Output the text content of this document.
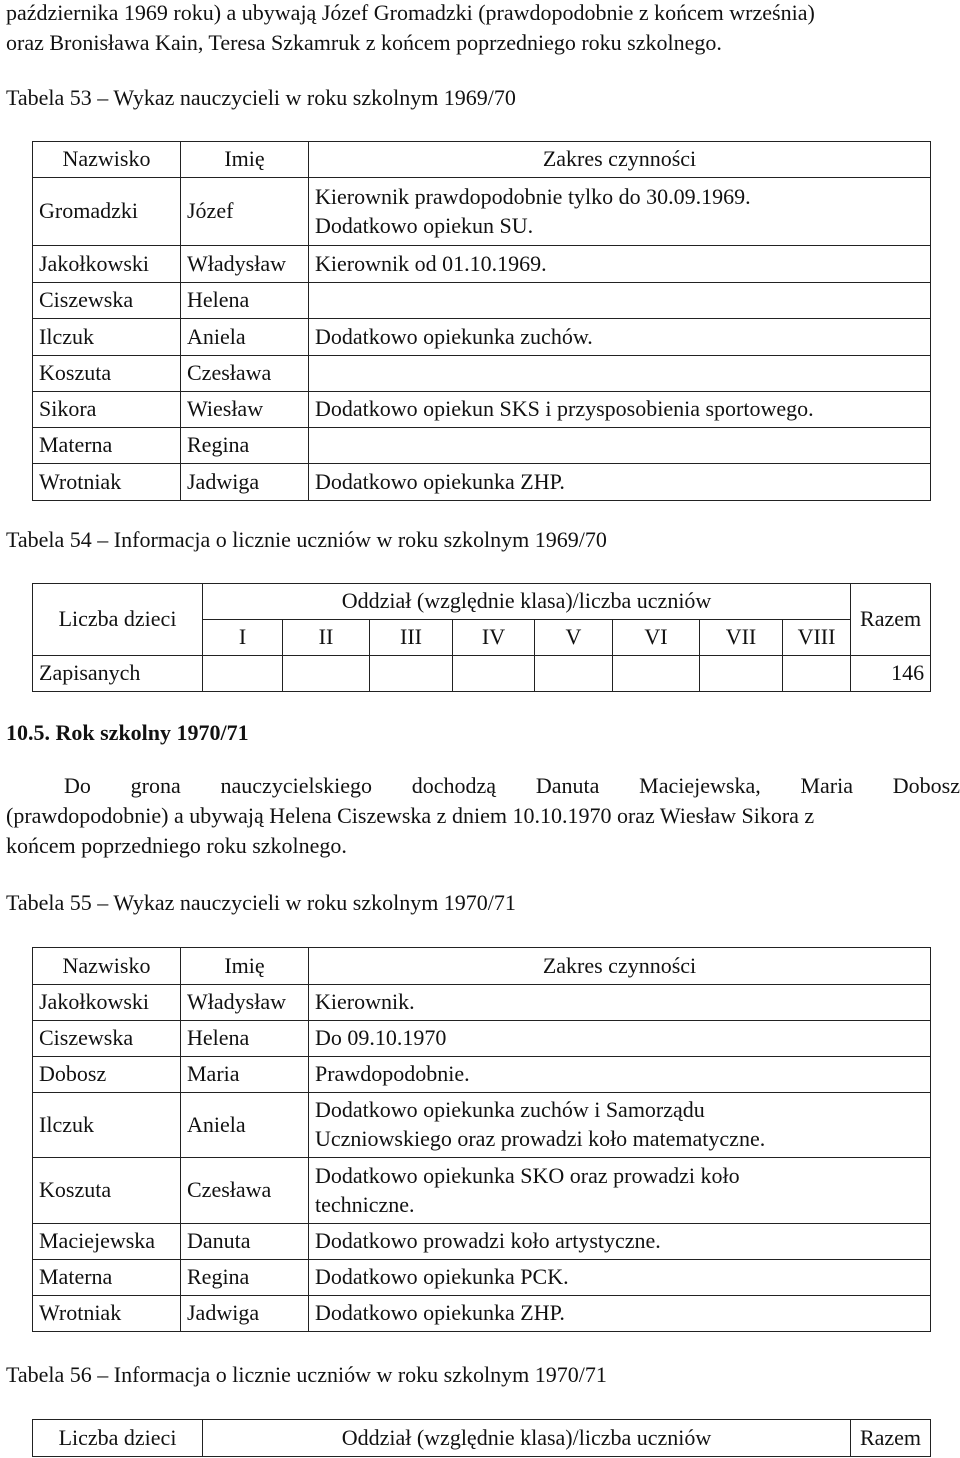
października 1969 roku) a ubywają Józef Gromadzki (prawdopodobnie z końcem września)
oraz Bronisława Kain, Teresa Szkamruk z końcem poprzedniego roku szkolnego.
Tabela 53 – Wykaz nauczycieli w roku szkolnym 1969/70
Nazwisko	Imię	Zakres czynności
Gromadzki	Józef	Kierownik prawdopodobnie tylko do 30.09.1969.
Dodatkowo opiekun SU.

Jakołkowski	Władysław	Kierownik od 01.10.1969.
Ciszewska	Helena	
Ilczuk	Aniela	Dodatkowo opiekunka zuchów.
Koszuta	Czesława	
Sikora	Wiesław	Dodatkowo opiekun SKS i przysposobienia sportowego.
Materna	Regina	
Wrotniak	Jadwiga	Dodatkowo opiekunka ZHP.
Tabela 54 – Informacja o licznie uczniów w roku szkolnym 1969/70
Liczba dzieci	Oddział (względnie klasa)/liczba uczniów								Razem
	I	II	III	IV	V	VI	VII	VIII	
Zapisanych									146
10.5. Rok szkolny 1970/71
Do grona nauczycielskiego dochodzą Danuta Maciejewska, Maria Dobosz
(prawdopodobnie) a ubywają Helena Ciszewska z dniem 10.10.1970 oraz Wiesław Sikora z
końcem poprzedniego roku szkolnego.
Tabela 55 – Wykaz nauczycieli w roku szkolnym 1970/71
Nazwisko	Imię	Zakres czynności
Jakołkowski	Władysław	Kierownik.
Ciszewska	Helena	Do 09.10.1970
Dobosz	Maria	Prawdopodobnie.
Ilczuk	Aniela	Dodatkowo opiekunka zuchów i Samorządu
Uczniowskiego oraz prowadzi koło matematyczne.

Koszuta	Czesława	Dodatkowo opiekunka SKO oraz prowadzi koło
techniczne.

Maciejewska	Danuta	Dodatkowo prowadzi koło artystyczne.
Materna	Regina	Dodatkowo opiekunka PCK.
Wrotniak	Jadwiga	Dodatkowo opiekunka ZHP.
Tabela 56 – Informacja o licznie uczniów w roku szkolnym 1970/71
Liczba dzieci	Oddział (względnie klasa)/liczba uczniów	Razem
